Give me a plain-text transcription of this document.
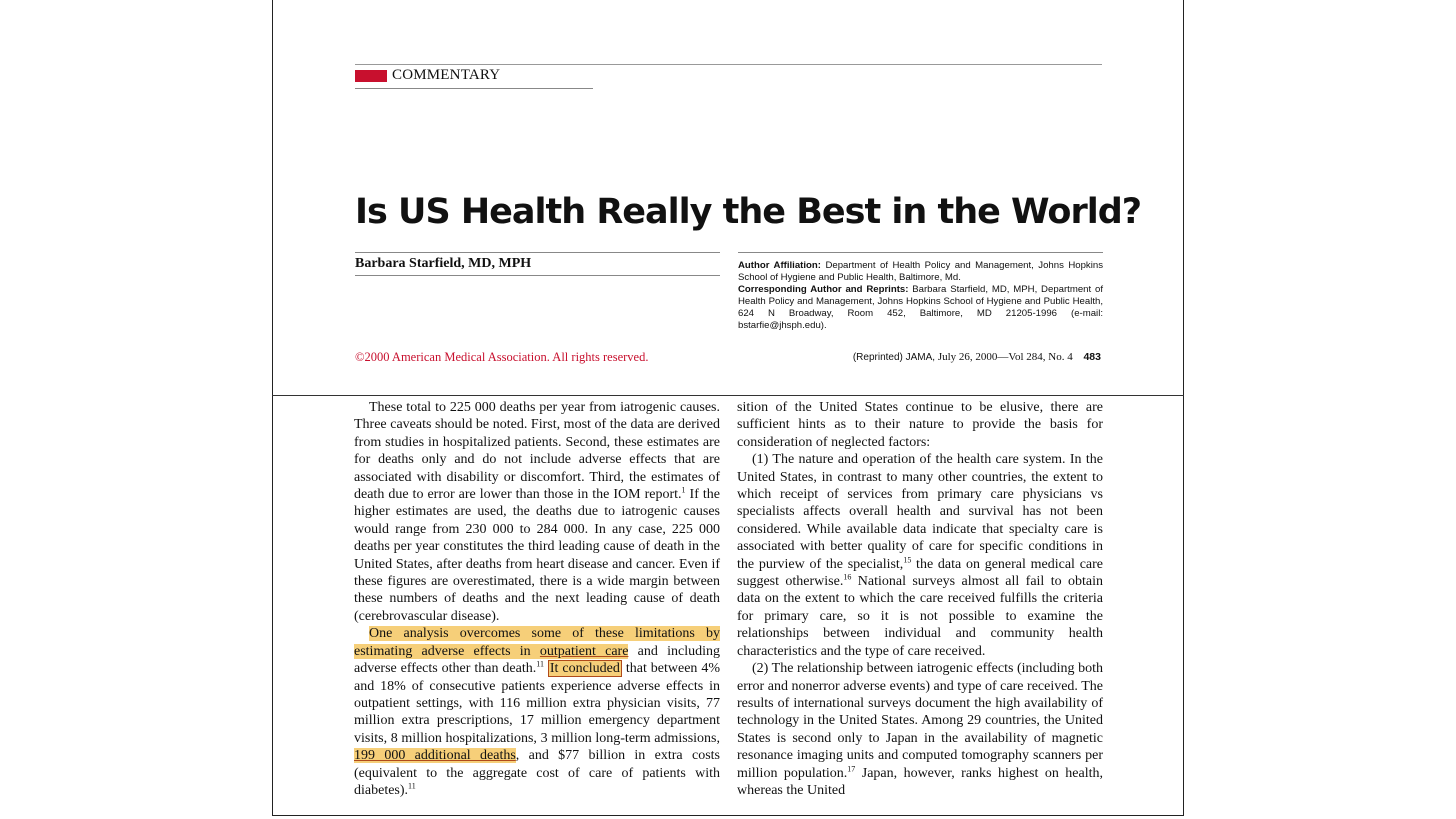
COMMENTARY
Is US Health Really the Best in the World?
Barbara Starfield, MD, MPH	Author Affiliation: Department of Health Policy and Management, Johns Hopkins School of Hygiene and Public Health, Baltimore, Md.
Corresponding Author and Reprints: Barbara Starfield, MD, MPH, Department of Health Policy and Management, Johns Hopkins School of Hygiene and Public Health, 624 N Broadway, Room 452, Baltimore, MD 21205-1996 (e-mail: bstarfie@jhsph.edu).
©2000 American Medical Association. All rights reserved.	(Reprinted) JAMA, July 26, 2000—Vol 284, No. 4 483

These total to 225 000 deaths per year from iatrogenic causes. Three caveats should be noted. First, most of the data are derived from studies in hospitalized patients. Second, these estimates are for deaths only and do not include adverse effects that are associated with disability or discomfort. Third, the estimates of death due to error are lower than those in the IOM report.$^1$ If the higher estimates are used, the deaths due to iatrogenic causes would range from 230 000 to 284 000. In any case, 225 000 deaths per year constitutes the third leading cause of death in the United States, after deaths from heart disease and cancer. Even if these figures are overestimated, there is a wide margin between these numbers of deaths and the next leading cause of death (cerebrovascular disease).

One analysis overcomes some of these limitations by estimating adverse effects in outpatient care and including adverse effects other than death.$^{11}$ It concluded that between 4% and 18% of consecutive patients experience adverse effects in outpatient settings, with 116 million extra physician visits, 77 million extra prescriptions, 17 million emergency department visits, 8 million hospitalizations, 3 million long-term admissions, 199 000 additional deaths, and $77 billion in extra costs (equivalent to the aggregate cost of care of patients with diabetes).$^{11}$

sition of the United States continue to be elusive, there are sufficient hints as to their nature to provide the basis for consideration of neglected factors:

(1) The nature and operation of the health care system. In the United States, in contrast to many other countries, the extent to which receipt of services from primary care physicians vs specialists affects overall health and survival has not been considered. While available data indicate that specialty care is associated with better quality of care for specific conditions in the purview of the specialist,$^{15}$ the data on general medical care suggest otherwise.$^{16}$ National surveys almost all fail to obtain data on the extent to which the care received fulfills the criteria for primary care, so it is not possible to examine the relationships between individual and community health characteristics and the type of care received.

(2) The relationship between iatrogenic effects (including both error and nonerror adverse events) and type of care received. The results of international surveys document the high availability of technology in the United States. Among 29 countries, the United States is second only to Japan in the availability of magnetic resonance imaging units and computed tomography scanners per million population.$^{17}$ Japan, however, ranks highest on health, whereas the United
